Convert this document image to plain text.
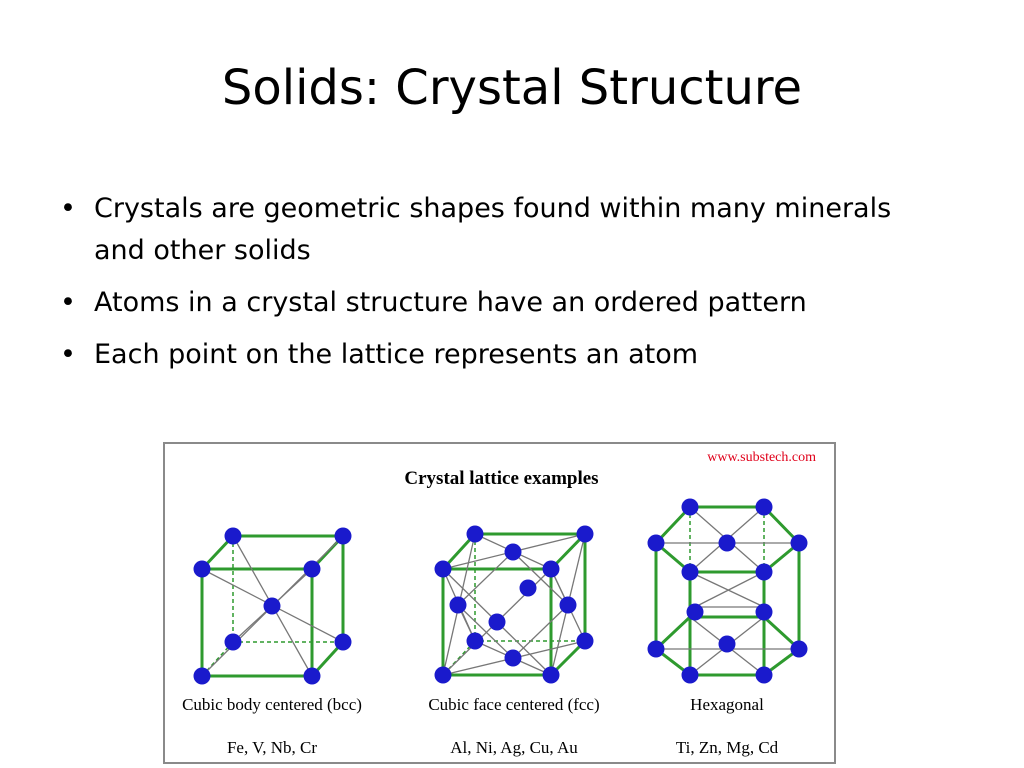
Solids: Crystal Structure
• Crystals are geometric shapes found within many minerals and other solids
• Atoms in a crystal structure have an ordered pattern
• Each point on the lattice represents an atom
www.substech.com
Crystal lattice examples
Cubic body centered (bcc)	Cubic face centered (fcc)	Hexagonal
Fe, V, Nb, Cr	Al, Ni, Ag, Cu, Au	Ti, Zn, Mg, Cd
